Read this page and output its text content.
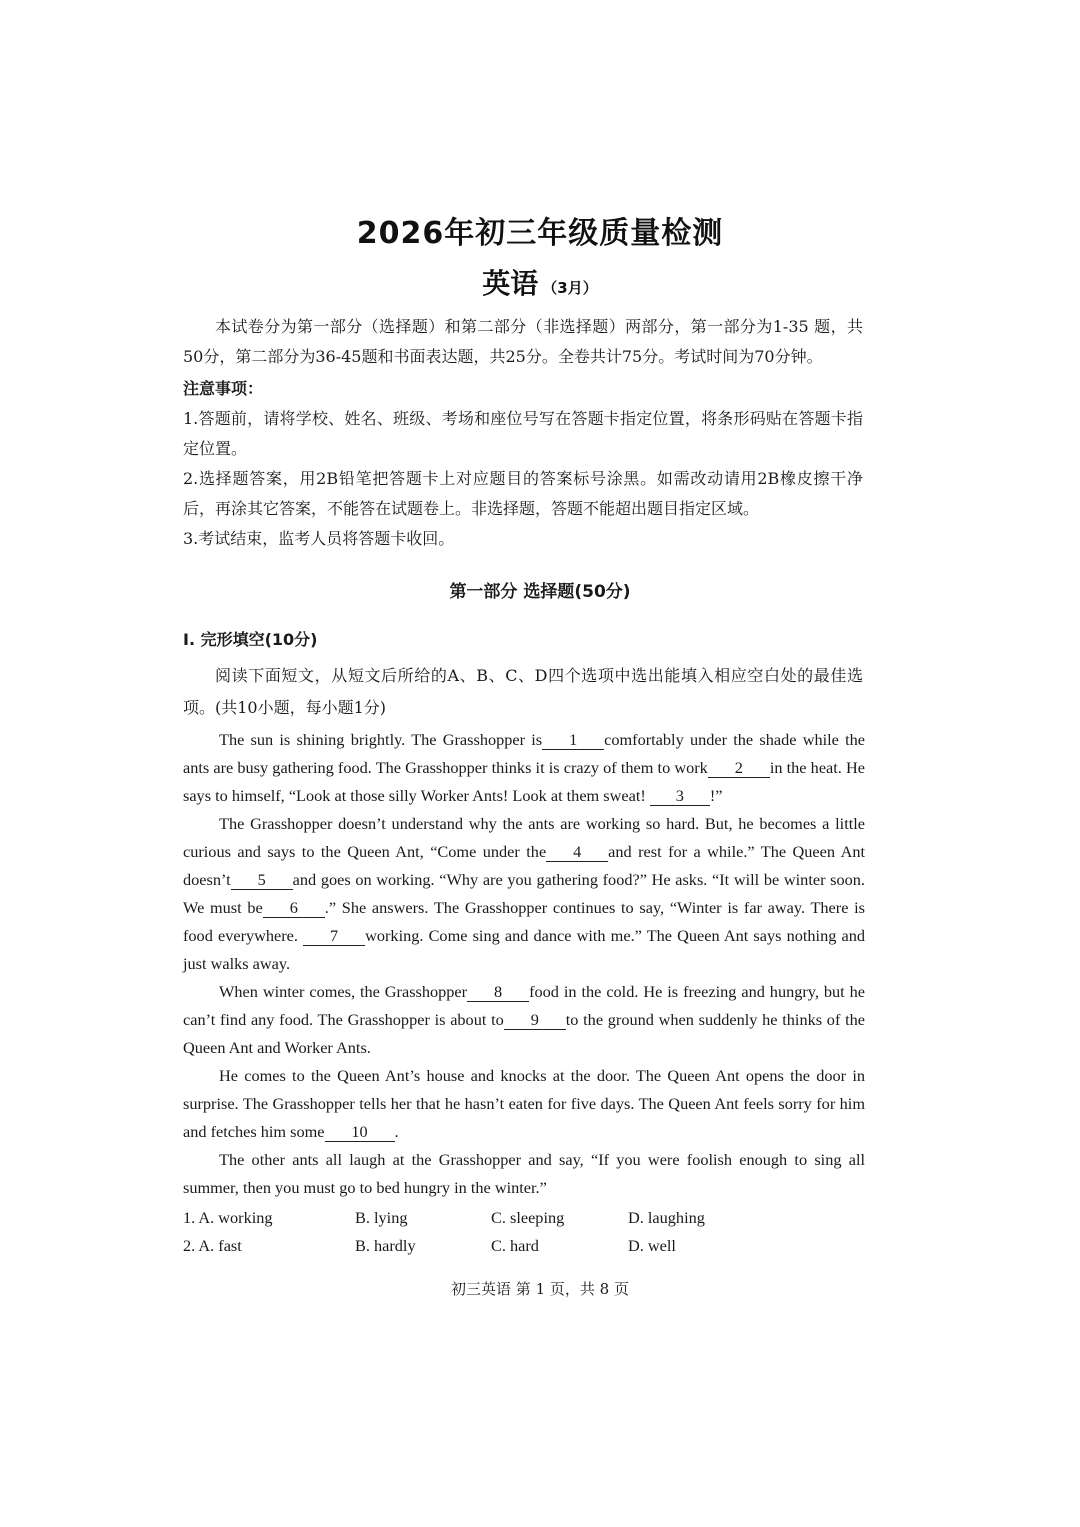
2026年初三年级质量检测
英语 （3月）
本试卷分为第一部分（选择题）和第二部分（非选择题）两部分，第一部分为1-35 题，共50分，第二部分为36-45题和书面表达题，共25分。全卷共计75分。考试时间为70分钟。
注意事项：

1.答题前，请将学校、姓名、班级、考场和座位号写在答题卡指定位置，将条形码贴在答题卡指定位置。

2.选择题答案，用2B铅笔把答题卡上对应题目的答案标号涂黑。如需改动请用2B橡皮擦干净后，再涂其它答案，不能答在试题卷上。非选择题，答题不能超出题目指定区域。

3.考试结束，监考人员将答题卡收回。

第一部分 选择题(50分)
I. 完形填空(10分)
阅读下面短文，从短文后所给的A、B、C、D四个选项中选出能填入相应空白处的最佳选项。(共10小题，每小题1分)

The sun is shining brightly. The Grasshopper is 1 comfortably under the shade while the ants are busy gathering food. The Grasshopper thinks it is crazy of them to work 2 in the heat. He says to himself, “Look at those silly Worker Ants! Look at them sweat! 3 !”

The Grasshopper doesn’t understand why the ants are working so hard. But, he becomes a little curious and says to the Queen Ant, “Come under the 4 and rest for a while.” The Queen Ant doesn’t 5 and goes on working. “Why are you gathering food?” He asks. “It will be winter soon. We must be 6 .” She answers. The Grasshopper continues to say, “Winter is far away. There is food everywhere. 7 working. Come sing and dance with me.” The Queen Ant says nothing and just walks away.

When winter comes, the Grasshopper 8 food in the cold. He is freezing and hungry, but he can’t find any food. The Grasshopper is about to 9 to the ground when suddenly he thinks of the Queen Ant and Worker Ants.

He comes to the Queen Ant’s house and knocks at the door. The Queen Ant opens the door in surprise. The Grasshopper tells her that he hasn’t eaten for five days. The Queen Ant feels sorry for him and fetches him some 10 .

The other ants all laugh at the Grasshopper and say, “If you were foolish enough to sing all summer, then you must go to bed hungry in the winter.”

1. A. working	B. lying	C. sleeping	D. laughing
2. A. fast	B. hardly	C. hard	D. well
初三英语 第 1 页，共 8 页
